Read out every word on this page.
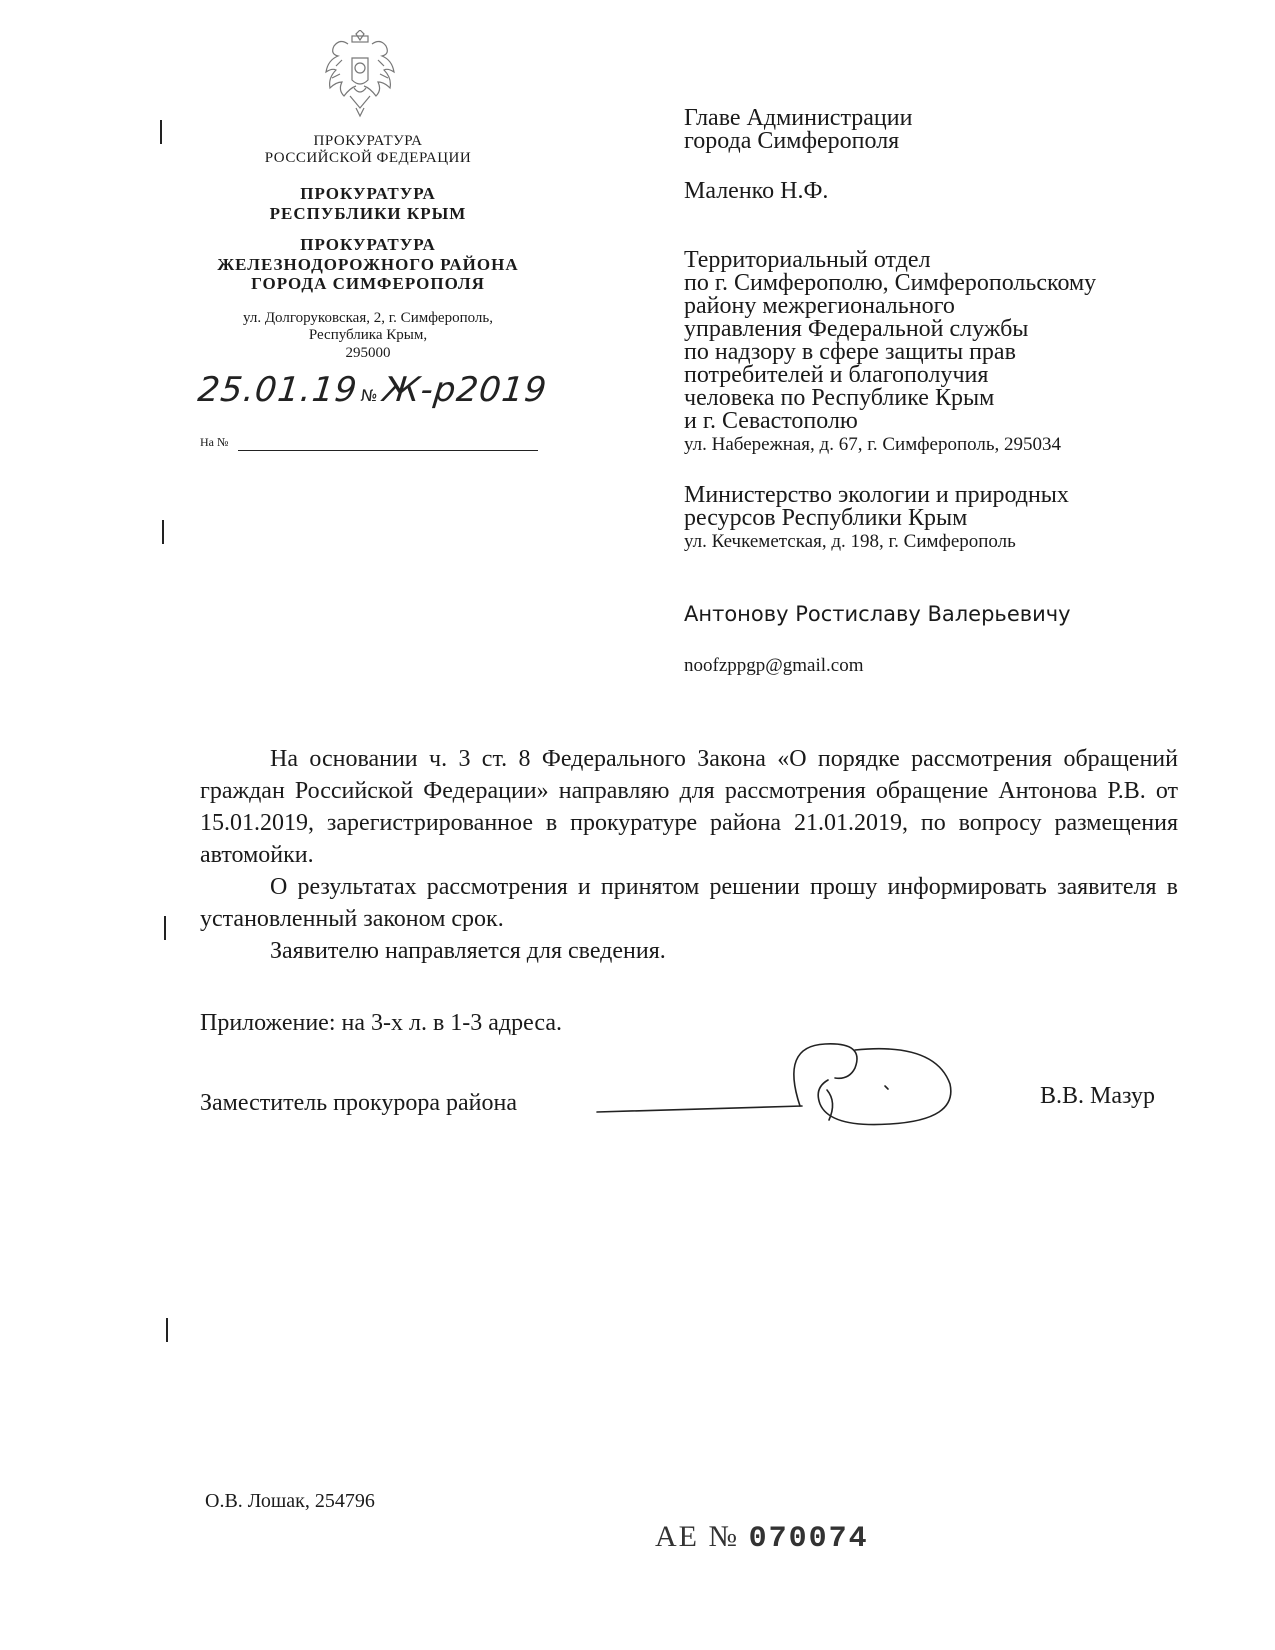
ПРОКУРАТУРА
РОССИЙСКОЙ ФЕДЕРАЦИИ
ПРОКУРАТУРА
РЕСПУБЛИКИ КРЫМ
ПРОКУРАТУРА
ЖЕЛЕЗНОДОРОЖНОГО РАЙОНА
ГОРОДА СИМФЕРОПОЛЯ
ул. Долгоруковская, 2, г. Симферополь,
Республика Крым,
295000
25.01.19№Ж-р2019
На №
Главе Администрации
города Симферополя
Маленко Н.Ф.
Территориальный отдел
по г. Симферополю, Симферопольскому
району межрегионального
управления Федеральной службы
по надзору в сфере защиты прав
потребителей и благополучия
человека по Республике Крым
и г. Севастополю
ул. Набережная, д. 67, г. Симферополь, 295034
Министерство экологии и природных
ресурсов Республики Крым
ул. Кечкеметская, д. 198, г. Симферополь
Антонову Ростиславу Валерьевичу
noofzppgp@gmail.com

На основании ч. 3 ст. 8 Федерального Закона «О порядке рассмотрения обращений граждан Российской Федерации» направляю для рассмотрения обращение Антонова Р.В. от 15.01.2019, зарегистрированное в прокуратуре района 21.01.2019, по вопросу размещения автомойки.

О результатах рассмотрения и принятом решении прошу информировать заявителя в установленный законом срок.

Заявителю направляется для сведения.

Приложение: на 3-х л. в 1-3 адреса.
Заместитель прокурора района	В.В. Мазур
О.В. Лошак, 254796
АЕ № 070074
